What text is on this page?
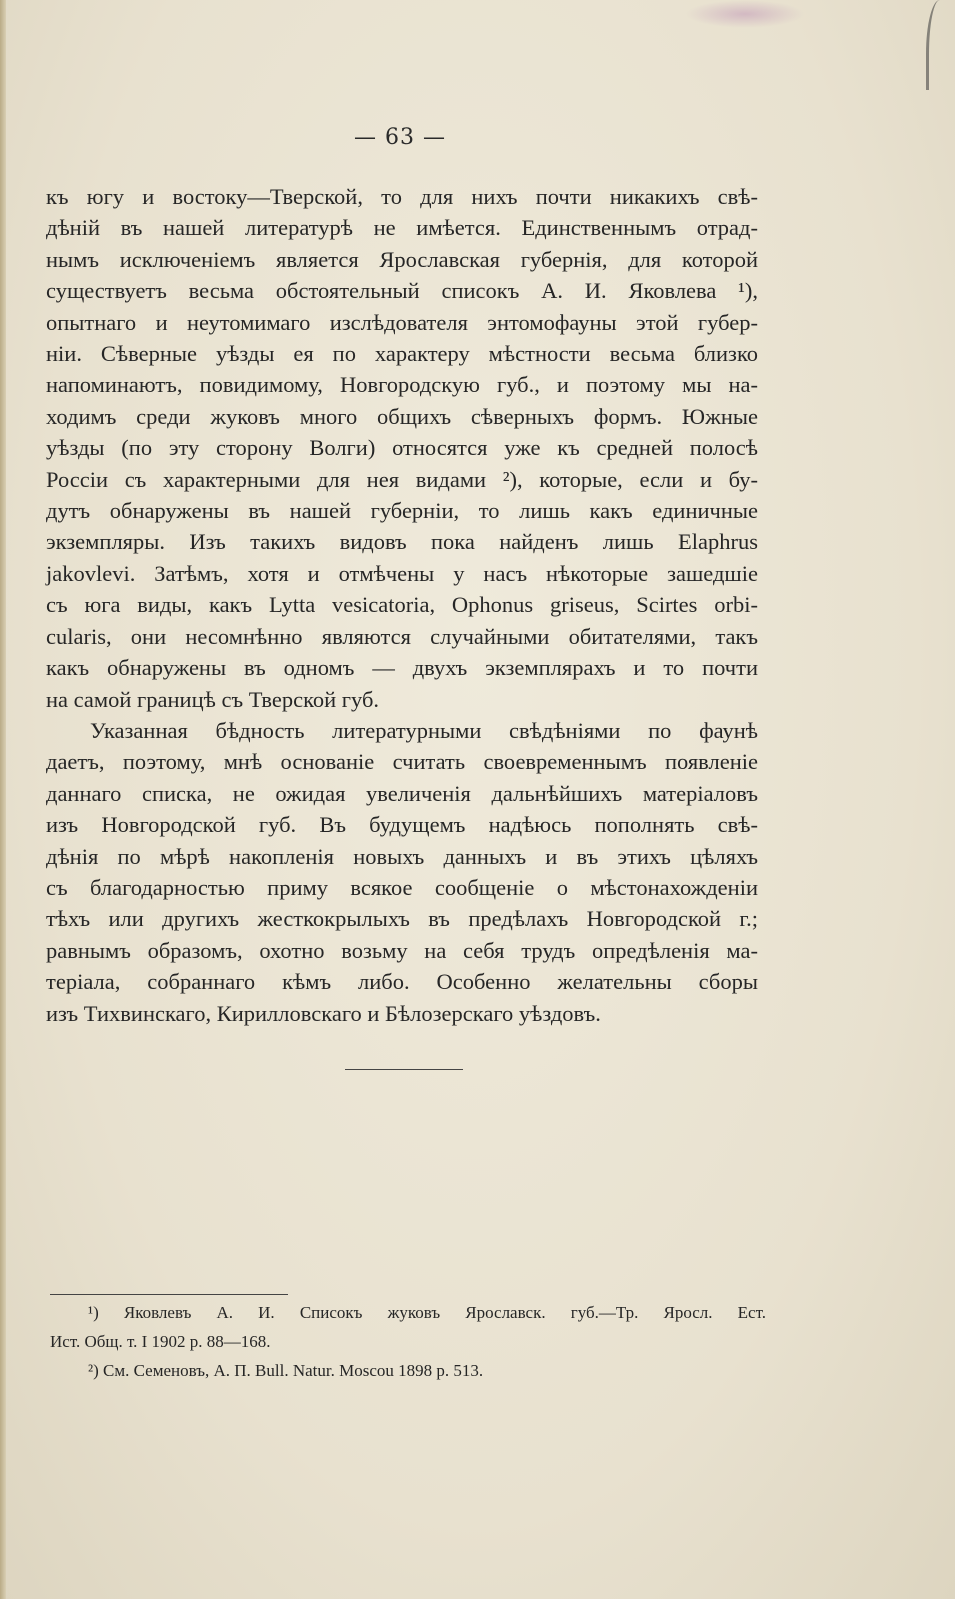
— 63 —

къ югу и востоку—Тверской, то для нихъ почти никакихъ свѣ-

дѣній въ нашей литературѣ не имѣется. Единственнымъ отрад-

нымъ исключеніемъ является Ярославская губернія, для которой

существуетъ весьма обстоятельный списокъ А. И. Яковлева ¹),

опытнаго и неутомимаго изслѣдователя энтомофауны этой губер-

ніи. Сѣверные уѣзды ея по характеру мѣстности весьма близко

напоминаютъ, повидимому, Новгородскую губ., и поэтому мы на-

ходимъ среди жуковъ много общихъ сѣверныхъ формъ. Южные

уѣзды (по эту сторону Волги) относятся уже къ средней полосѣ

Россіи съ характерными для нея видами ²), которые, если и бу-

дутъ обнаружены въ нашей губерніи, то лишь какъ единичные

экземпляры. Изъ такихъ видовъ пока найденъ лишь Elaphrus

jakovlevi. Затѣмъ, хотя и отмѣчены у насъ нѣкоторые зашедшіе

съ юга виды, какъ Lytta vesicatoria, Ophonus griseus, Scirtes orbi-

cularis, они несомнѣнно являются случайными обитателями, такъ

какъ обнаружены въ одномъ — двухъ экземплярахъ и то почти

на самой границѣ съ Тверской губ.

Указанная бѣдность литературными свѣдѣніями по фаунѣ

даетъ, поэтому, мнѣ основаніе считать своевременнымъ появленіе

даннаго списка, не ожидая увеличенія дальнѣйшихъ матеріаловъ

изъ Новгородской губ. Въ будущемъ надѣюсь пополнять свѣ-

дѣнія по мѣрѣ накопленія новыхъ данныхъ и въ этихъ цѣляхъ

съ благодарностью приму всякое сообщеніе о мѣстонахожденіи

тѣхъ или другихъ жесткокрылыхъ въ предѣлахъ Новгородской г.;

равнымъ образомъ, охотно возьму на себя трудъ опредѣленія ма-

теріала, собраннаго кѣмъ либо. Особенно желательны сборы

изъ Тихвинскаго, Кирилловскаго и Бѣлозерскаго уѣздовъ.

¹) Яковлевъ А. И. Списокъ жуковъ Ярославск. губ.—Тр. Яросл. Ест.

Ист. Общ. т. I 1902 р. 88—168.

²) См. Семеновъ, А. П. Bull. Natur. Moscou 1898 р. 513.
